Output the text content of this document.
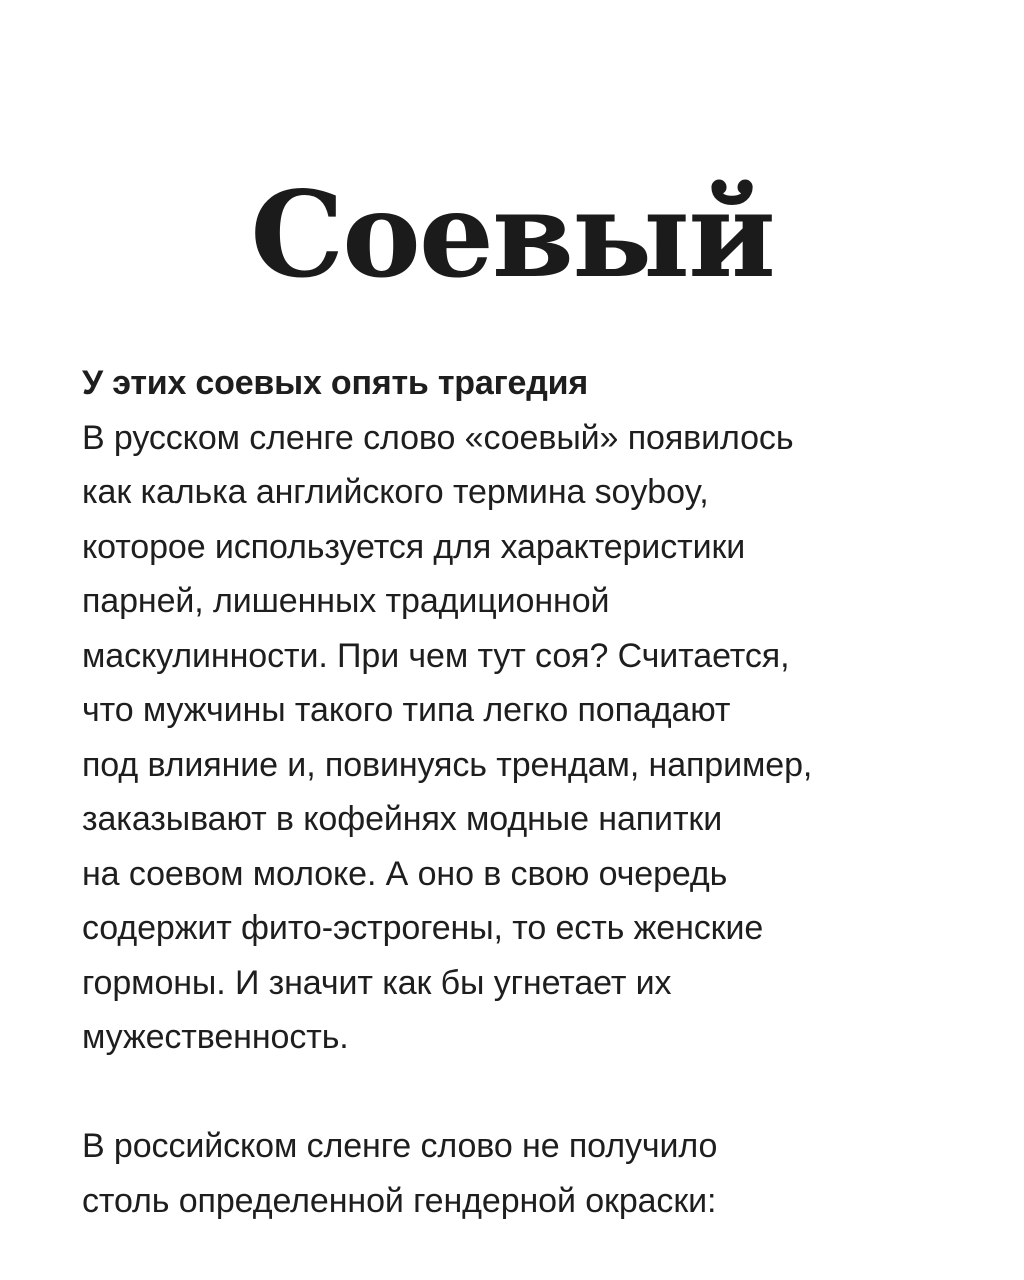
Соевый
У этих соевых опять трагедия
В русском сленге слово «соевый» появилось
как калька английского термина soyboy,
которое используется для характеристики
парней, лишенных традиционной
маскулинности. При чем тут соя? Считается,
что мужчины такого типа легко попадают
под влияние и, повинуясь трендам, например,
заказывают в кофейнях модные напитки
на соевом молоке. А оно в свою очередь
содержит фито-эстрогены, то есть женские
гормоны. И значит как бы угнетает их
мужественность.
В российском сленге слово не получило
столь определенной гендерной окраски:
